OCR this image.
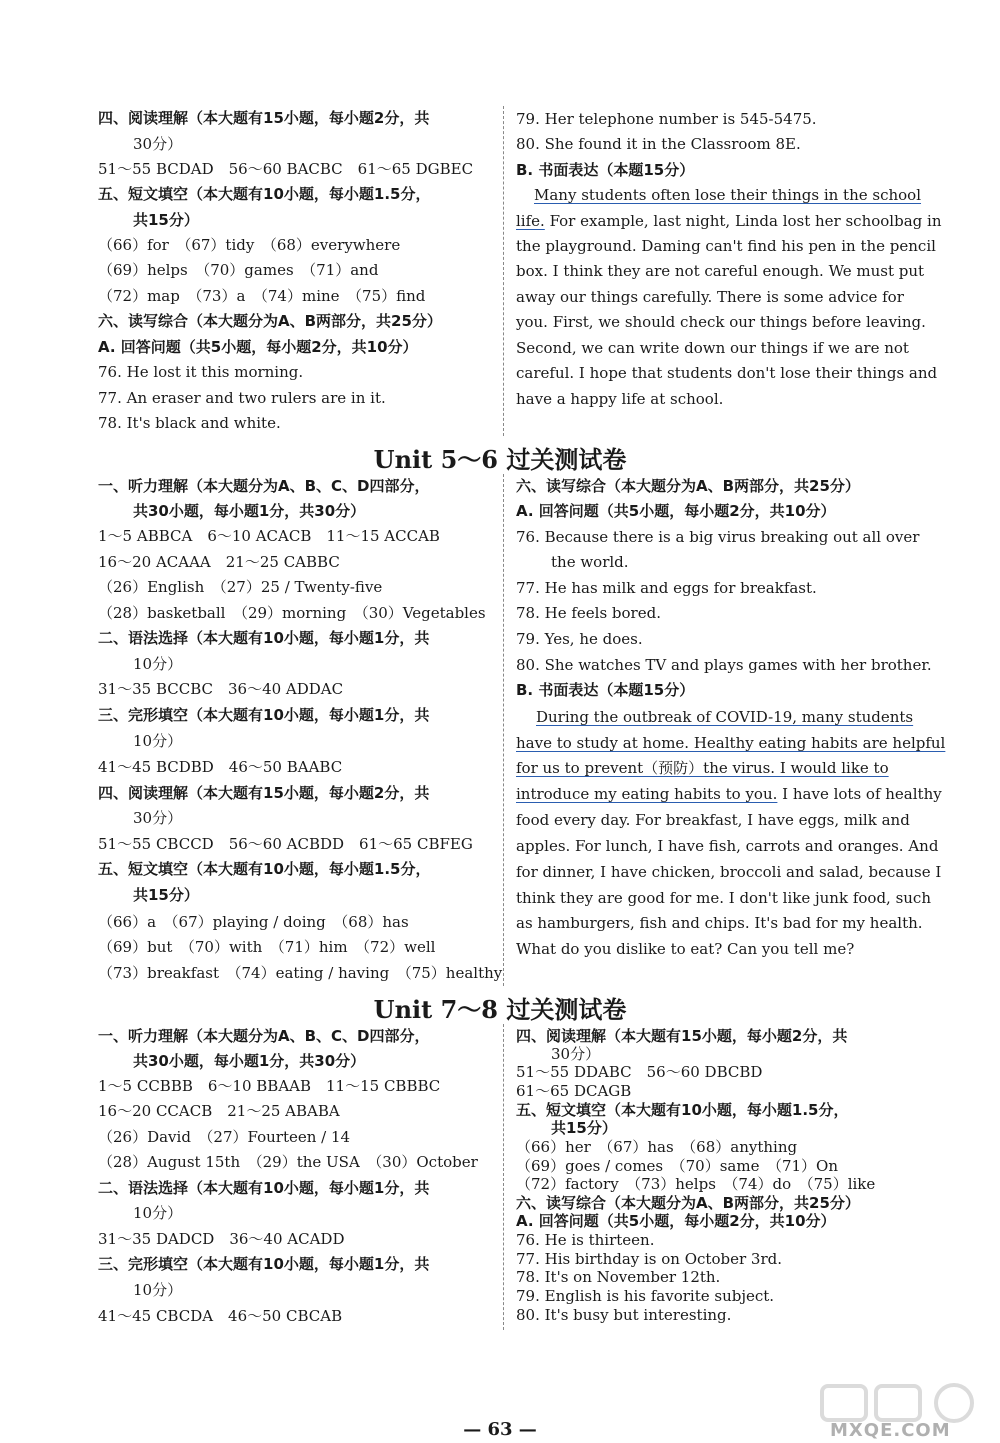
四、阅读理解（本大题有15小题，每小题2分，共
30分）
51～55 BCDAD　56～60 BACBC　61～65 DGBEC
五、短文填空（本大题有10小题，每小题1.5分，
共15分）
（66）for　（67）tidy　（68）everywhere
（69）helps　（70）games　（71）and
（72）map　（73）a　（74）mine　（75）find
六、读写综合（本大题分为A、B两部分，共25分）
A. 回答问题（共5小题，每小题2分，共10分）
76. He lost it this morning.
77. An eraser and two rulers are in it.
78. It's black and white.
79. Her telephone number is 545-5475.
80. She found it in the Classroom 8E.
B. 书面表达（本题15分）
Many students often lose their things in the school
life. For example, last night, Linda lost her schoolbag in
the playground. Daming can't find his pen in the pencil
box. I think they are not careful enough. We must put
away our things carefully. There is some advice for
you. First, we should check our things before leaving.
Second, we can write down our things if we are not
careful. I hope that students don't lose their things and
have a happy life at school.
Unit 5～6 过关测试卷
一、听力理解（本大题分为A、B、C、D四部分，
共30小题，每小题1分，共30分）
1～5 ABBCA　6～10 ACACB　11～15 ACCAB
16～20 ACAAA　21～25 CABBC
（26）English　（27）25 / Twenty-five
（28）basketball　（29）morning　（30）Vegetables
二、语法选择（本大题有10小题，每小题1分，共
10分）
31～35 BCCBC　36～40 ADDAC
三、完形填空（本大题有10小题，每小题1分，共
10分）
41～45 BCDBD　46～50 BAABC
四、阅读理解（本大题有15小题，每小题2分，共
30分）
51～55 CBCCD　56～60 ACBDD　61～65 CBFEG
五、短文填空（本大题有10小题，每小题1.5分，
共15分）
（66）a　（67）playing / doing　（68）has
（69）but　（70）with　（71）him　（72）well
（73）breakfast　（74）eating / having　（75）healthy
六、读写综合（本大题分为A、B两部分，共25分）
A. 回答问题（共5小题，每小题2分，共10分）
76. Because there is a big virus breaking out all over
the world.
77. He has milk and eggs for breakfast.
78. He feels bored.
79. Yes, he does.
80. She watches TV and plays games with her brother.
B. 书面表达（本题15分）
During the outbreak of COVID-19, many students
have to study at home. Healthy eating habits are helpful
for us to prevent（预防）the virus. I would like to
introduce my eating habits to you. I have lots of healthy
food every day. For breakfast, I have eggs, milk and
apples. For lunch, I have fish, carrots and oranges. And
for dinner, I have chicken, broccoli and salad, because I
think they are good for me. I don't like junk food, such
as hamburgers, fish and chips. It's bad for my health.
What do you dislike to eat? Can you tell me?
Unit 7～8 过关测试卷
一、听力理解（本大题分为A、B、C、D四部分，
共30小题，每小题1分，共30分）
1～5 CCBBB　6～10 BBAAB　11～15 CBBBC
16～20 CCACB　21～25 ABABA
（26）David　（27）Fourteen / 14
（28）August 15th　（29）the USA　（30）October
二、语法选择（本大题有10小题，每小题1分，共
10分）
31～35 DADCD　36～40 ACADD
三、完形填空（本大题有10小题，每小题1分，共
10分）
41～45 CBCDA　46～50 CBCAB
四、阅读理解（本大题有15小题，每小题2分，共
30分）
51～55 DDABC　56～60 DBCBD
61～65 DCAGB
五、短文填空（本大题有10小题，每小题1.5分，
共15分）
（66）her　（67）has　（68）anything
（69）goes / comes　（70）same　（71）On
（72）factory　（73）helps　（74）do　（75）like
六、读写综合（本大题分为A、B两部分，共25分）
A. 回答问题（共5小题，每小题2分，共10分）
76. He is thirteen.
77. His birthday is on October 3rd.
78. It's on November 12th.
79. English is his favorite subject.
80. It's busy but interesting.
— 63 —	MXQE.COM
